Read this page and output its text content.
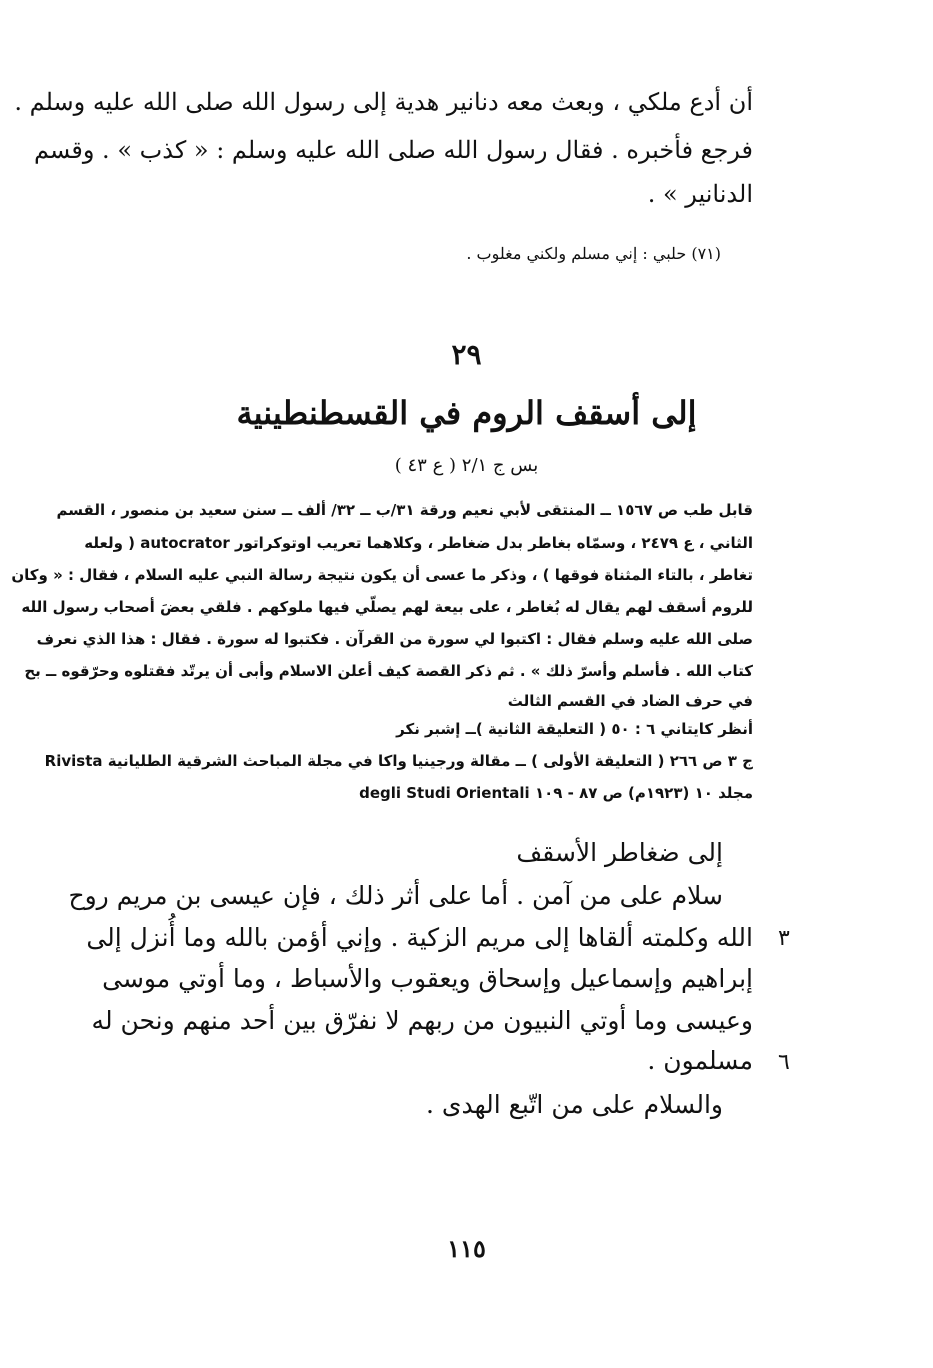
أن أدع ملكي ، وبعث معه دنانير هدية إلى رسول الله صلى الله عليه وسلم .
فرجع فأخبره . فقال رسول الله صلى الله عليه وسلم : « كذب » . وقسم
الدنانير » .
(٧١) حلبي : إني مسلم ولكني مغلوب .
٢٩
إلى أسقف الروم في القسطنطينية
بس ج ٢/١ ( ع ٤٣ )
قابل طب ص ١٥٦٧ ــ المنتقى لأبي نعيم ورقة ٣١/ب ــ ٣٢/ ألف ــ سنن سعيد بن منصور ، القسم
الثاني ، ع ٢٤٧٩ ، وسمّاه بغاطر بدل ضغاطر ، وكلاهما تعريب اوتوكراتور autocrator ( ولعله
تغاطر ، بالتاء المثناة فوقها ) ، وذكر ما عسى أن يكون نتيجة رسالة النبي عليه السلام ، فقال : « وكان
للروم أسقف لهم يقال له بُغاطر ، على بيعة لهم يصلّي فيها ملوكهم . فلقي بعضَ أصحاب رسول الله
صلى الله عليه وسلم فقال : اكتبوا لي سورة من القرآن . فكتبوا له سورة . فقال : هذا الذي نعرف
كتاب الله . فأسلم وأسرّ ذلك » . ثم ذكر القصة كيف أعلن الاسلام وأبى أن يرتّد فقتلوه وحرّقوه ــ بح
في حرف الضاد في القسم الثالث
أنظر كايتاني ٦ : ٥٠ ( التعليقة الثانية )ــ إشبر نكر
ج ٣ ص ٢٦٦ ( التعليقة الأولى ) ــ مقالة ورجينيا واكا في مجلة المباحث الشرقية الطليانية Rivista
degli Studi Orientali مجلد ١٠ (١٩٢٣م) ص ٨٧ - ١٠٩
إلى ضغاطر الأسقف
سلام على من آمن . أما على أثر ذلك ، فإن عيسى بن مريم روح
الله وكلمته ألقاها إلى مريم الزكية . وإني أؤمن بالله وما أُنزل إلى
إبراهيم وإسماعيل وإسحاق ويعقوب والأسباط ، وما أوتي موسى
وعيسى وما أوتي النبيون من ربهم لا نفرّق بين أحد منهم ونحن له
مسلمون .
والسلام على من اتّبع الهدى .
٣
٦
١١٥
